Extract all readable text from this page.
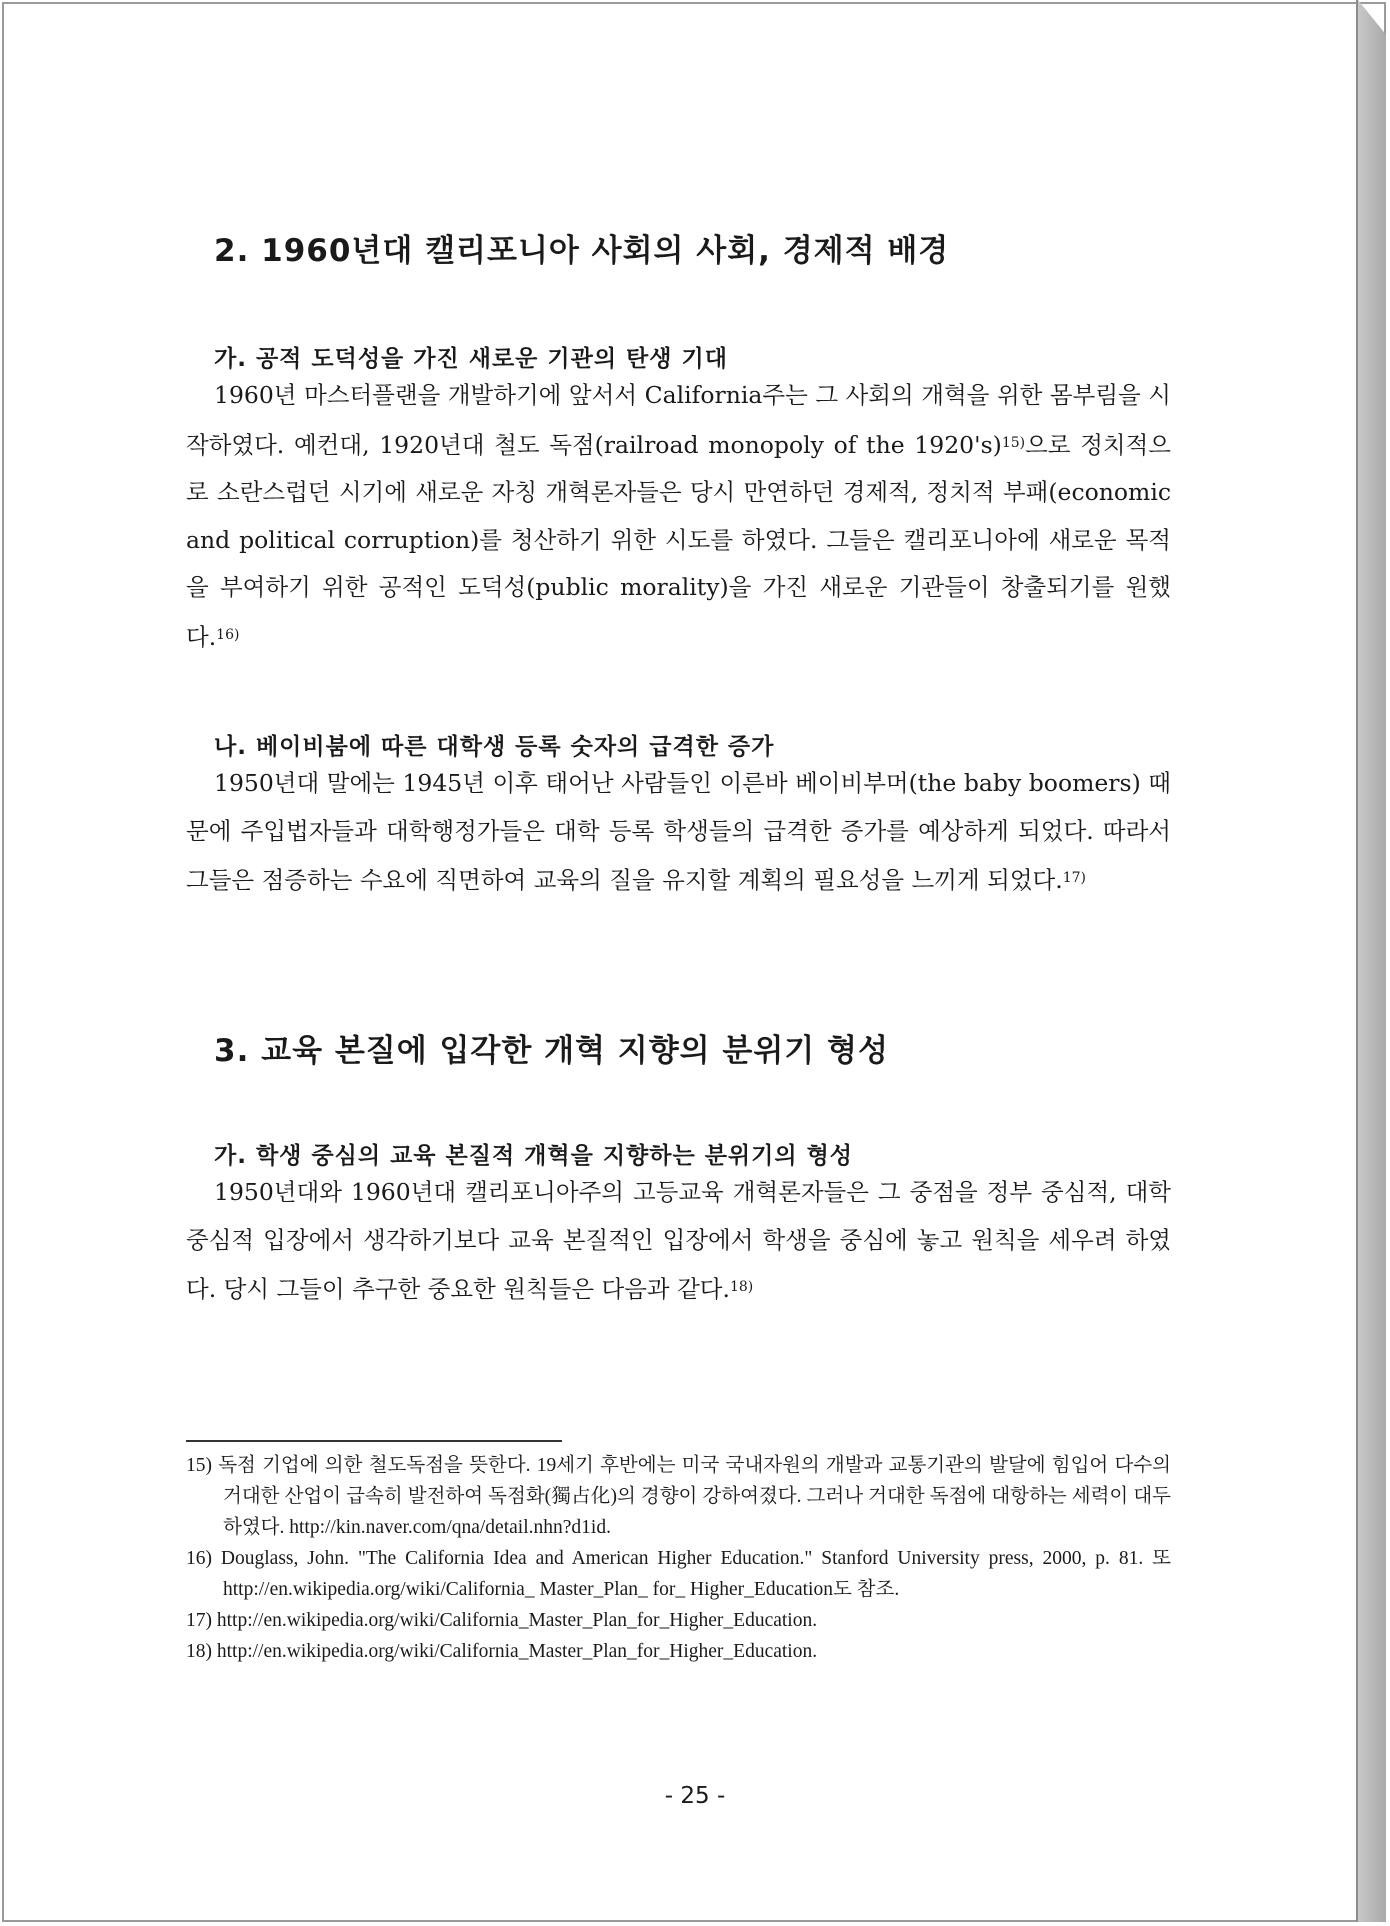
2. 1960년대 캘리포니아 사회의 사회, 경제적 배경
가. 공적 도덕성을 가진 새로운 기관의 탄생 기대

1960년 마스터플랜을 개발하기에 앞서서 California주는 그 사회의 개혁을 위한 몸부림을 시작하였다. 예컨대, 1920년대 철도 독점(railroad monopoly of the 1920's)$^{15)}$으로 정치적으로 소란스럽던 시기에 새로운 자칭 개혁론자들은 당시 만연하던 경제적, 정치적 부패(economic and political corruption)를 청산하기 위한 시도를 하였다. 그들은 캘리포니아에 새로운 목적을 부여하기 위한 공적인 도덕성(public morality)을 가진 새로운 기관들이 창출되기를 원했다.$^{16)}$

나. 베이비붐에 따른 대학생 등록 숫자의 급격한 증가

1950년대 말에는 1945년 이후 태어난 사람들인 이른바 베이비부머(the baby boomers) 때문에 주입법자들과 대학행정가들은 대학 등록 학생들의 급격한 증가를 예상하게 되었다. 따라서 그들은 점증하는 수요에 직면하여 교육의 질을 유지할 계획의 필요성을 느끼게 되었다.$^{17)}$

3. 교육 본질에 입각한 개혁 지향의 분위기 형성
가. 학생 중심의 교육 본질적 개혁을 지향하는 분위기의 형성

1950년대와 1960년대 캘리포니아주의 고등교육 개혁론자들은 그 중점을 정부 중심적, 대학 중심적 입장에서 생각하기보다 교육 본질적인 입장에서 학생을 중심에 놓고 원칙을 세우려 하였다. 당시 그들이 추구한 중요한 원칙들은 다음과 같다.$^{18)}$

15) 독점 기업에 의한 철도독점을 뜻한다. 19세기 후반에는 미국 국내자원의 개발과 교통기관의 발달에 힘입어 다수의 거대한 산업이 급속히 발전하여 독점화(獨占化)의 경향이 강하여졌다. 그러나 거대한 독점에 대항하는 세력이 대두하였다. http://kin.naver.com/qna/detail.nhn?d1id.

16) Douglass, John. "The California Idea and American Higher Education." Stanford University press, 2000, p. 81. 또 http://en.wikipedia.org/wiki/California_ Master_Plan_ for_ Higher_Education도 참조.

17) http://en.wikipedia.org/wiki/California_Master_Plan_for_Higher_Education.

18) http://en.wikipedia.org/wiki/California_Master_Plan_for_Higher_Education.

- 25 -
